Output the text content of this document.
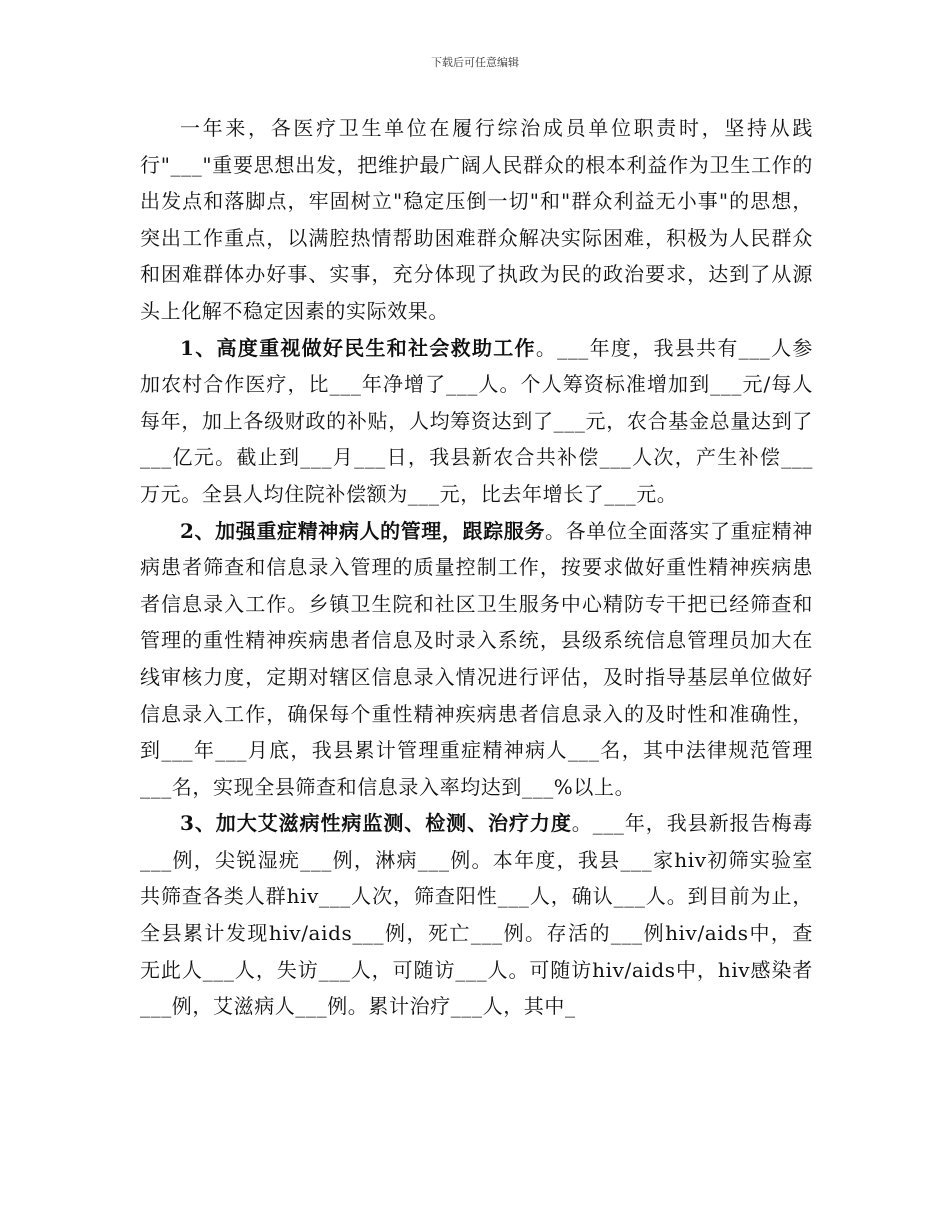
下载后可任意编辑

一年来，各医疗卫生单位在履行综治成员单位职责时，坚持从践行"___"重要思想出发，把维护最广阔人民群众的根本利益作为卫生工作的出发点和落脚点，牢固树立"稳定压倒一切"和"群众利益无小事"的思想，突出工作重点，以满腔热情帮助困难群众解决实际困难，积极为人民群众和困难群体办好事、实事，充分体现了执政为民的政治要求，达到了从源头上化解不稳定因素的实际效果。

1、高度重视做好民生和社会救助工作。___年度，我县共有___人参加农村合作医疗，比___年净增了___人。个人筹资标准增加到___元/每人每年，加上各级财政的补贴，人均筹资达到了___元，农合基金总量达到了___亿元。截止到___月___日，我县新农合共补偿___人次，产生补偿___万元。全县人均住院补偿额为___元，比去年增长了___元。

2、加强重症精神病人的管理，跟踪服务。各单位全面落实了重症精神病患者筛查和信息录入管理的质量控制工作，按要求做好重性精神疾病患者信息录入工作。乡镇卫生院和社区卫生服务中心精防专干把已经筛查和管理的重性精神疾病患者信息及时录入系统，县级系统信息管理员加大在线审核力度，定期对辖区信息录入情况进行评估，及时指导基层单位做好信息录入工作，确保每个重性精神疾病患者信息录入的及时性和准确性，到___年___月底，我县累计管理重症精神病人___名，其中法律规范管理___名，实现全县筛查和信息录入率均达到___%以上。

3、加大艾滋病性病监测、检测、治疗力度。___年，我县新报告梅毒___例，尖锐湿疣___例，淋病___例。本年度，我县___家hiv初筛实验室共筛查各类人群hiv___人次，筛查阳性___人，确认___人。到目前为止，全县累计发现hiv/aids___例，死亡___例。存活的___例hiv/aids中，查无此人___人，失访___人，可随访___人。可随访hiv/aids中，hiv感染者___例，艾滋病人___例。累计治疗___人，其中_
